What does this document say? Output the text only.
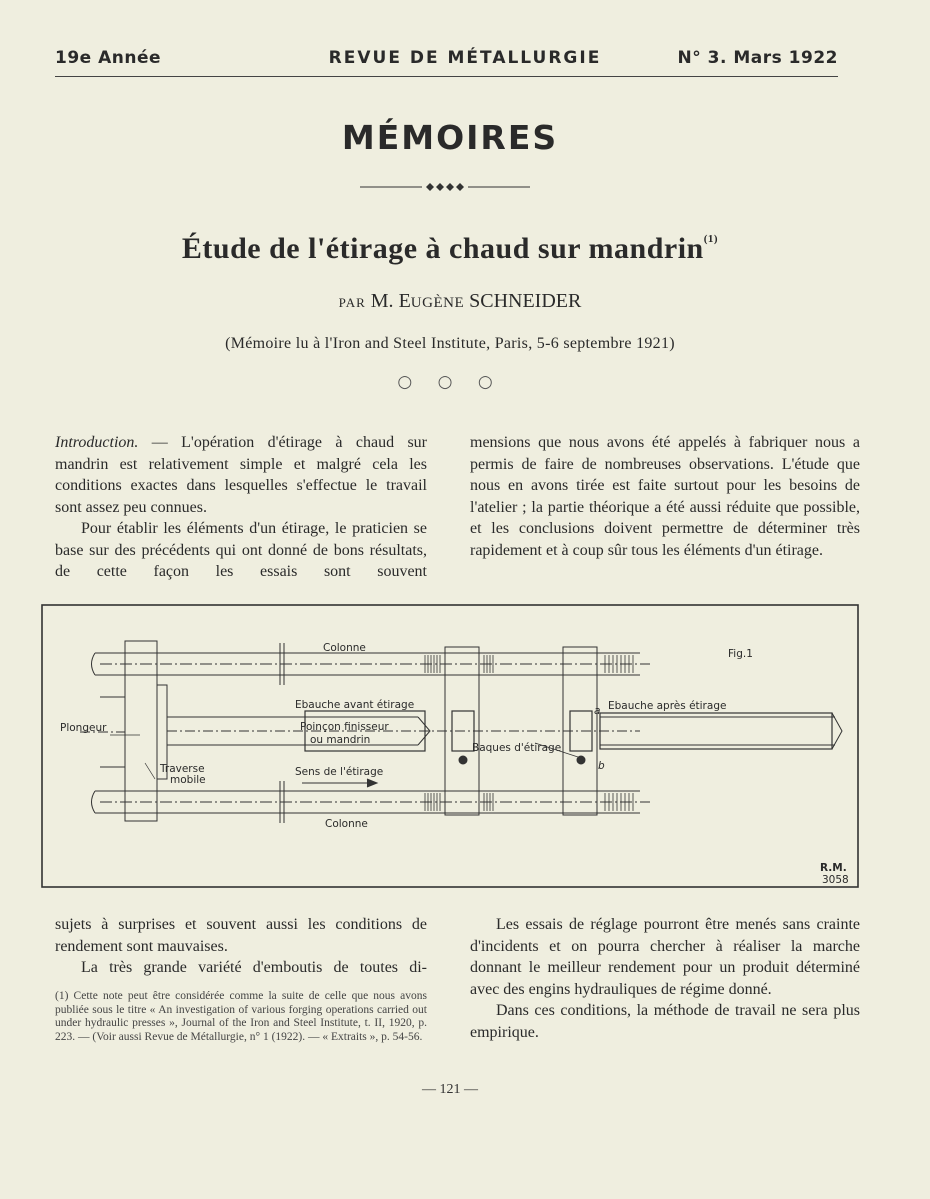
REVUE DE MÉTALLURGIE
19e Année	N° 3. Mars 1922
MÉMOIRES
Étude de l'étirage à chaud sur mandrin$^{(1)}$
PAR M. EUGÈNE SCHNEIDER
(Mémoire lu à l'Iron and Steel Institute, Paris, 5-6 septembre 1921)
○ ○ ○

Introduction. — L'opération d'étirage à chaud sur mandrin est relativement simple et malgré cela les conditions exactes dans lesquelles s'effectue le travail sont assez peu connues.

Pour établir les éléments d'un étirage, le praticien se base sur des précédents qui ont donné de bons résultats, de cette façon les essais sont souvent

mensions que nous avons été appelés à fabriquer nous a permis de faire de nombreuses observations. L'étude que nous en avons tirée est faite surtout pour les besoins de l'atelier ; la partie théorique a été aussi réduite que possible, et les conclusions doivent permettre de déterminer très rapidement et à coup sûr tous les éléments d'un étirage.

Fig.1
Colonne
Colonne
Ebauche avant étirage
Poinçon finisseur
ou mandrin
Plongeur
Traverse
mobile
Sens de l'étirage
Ebauche après étirage
Baques d'étirage
a
b
R.M.
3058

sujets à surprises et souvent aussi les conditions de rendement sont mauvaises.

La très grande variété d'emboutis de toutes di-

Les essais de réglage pourront être menés sans crainte d'incidents et on pourra chercher à réaliser la marche donnant le meilleur rendement pour un produit déterminé avec des engins hydrauliques de régime donné.

Dans ces conditions, la méthode de travail ne sera plus empirique.

(1) Cette note peut être considérée comme la suite de celle que nous avons publiée sous le titre « An investigation of various forging operations carried out under hydraulic presses », Journal of the Iron and Steel Institute, t. II, 1920, p. 223. — (Voir aussi Revue de Métallurgie, n° 1 (1922). — « Extraits », p. 54-56.
— 121 —
